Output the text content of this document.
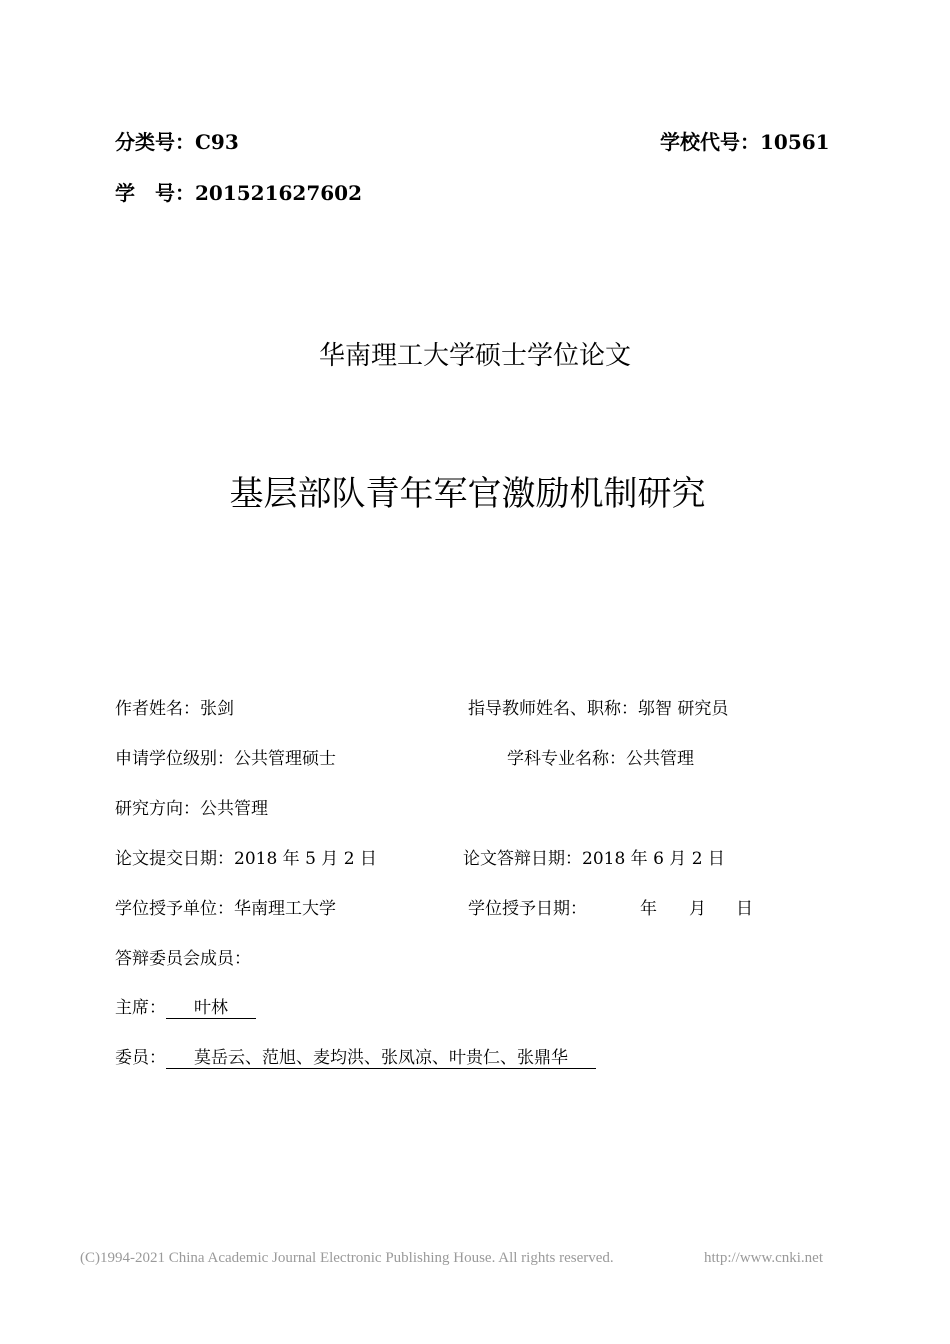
分类号：C93	学校代号：10561
学　号：201521627602
华南理工大学硕士学位论文
基层部队青年军官激励机制研究
作者姓名：张剑	指导教师姓名、职称：邬智 研究员
申请学位级别：公共管理硕士	学科专业名称：公共管理
研究方向：公共管理
论文提交日期：2018 年 5 月 2 日	论文答辩日期：2018 年 6 月 2 日
学位授予单位：华南理工大学	学位授予日期：	年 月 日
答辩委员会成员：
主席： 叶林
委员： 莫岳云、范旭、麦均洪、张凤凉、叶贵仁、张鼎华
(C)1994-2021 China Academic Journal Electronic Publishing House. All rights reserved.	http://www.cnki.net
